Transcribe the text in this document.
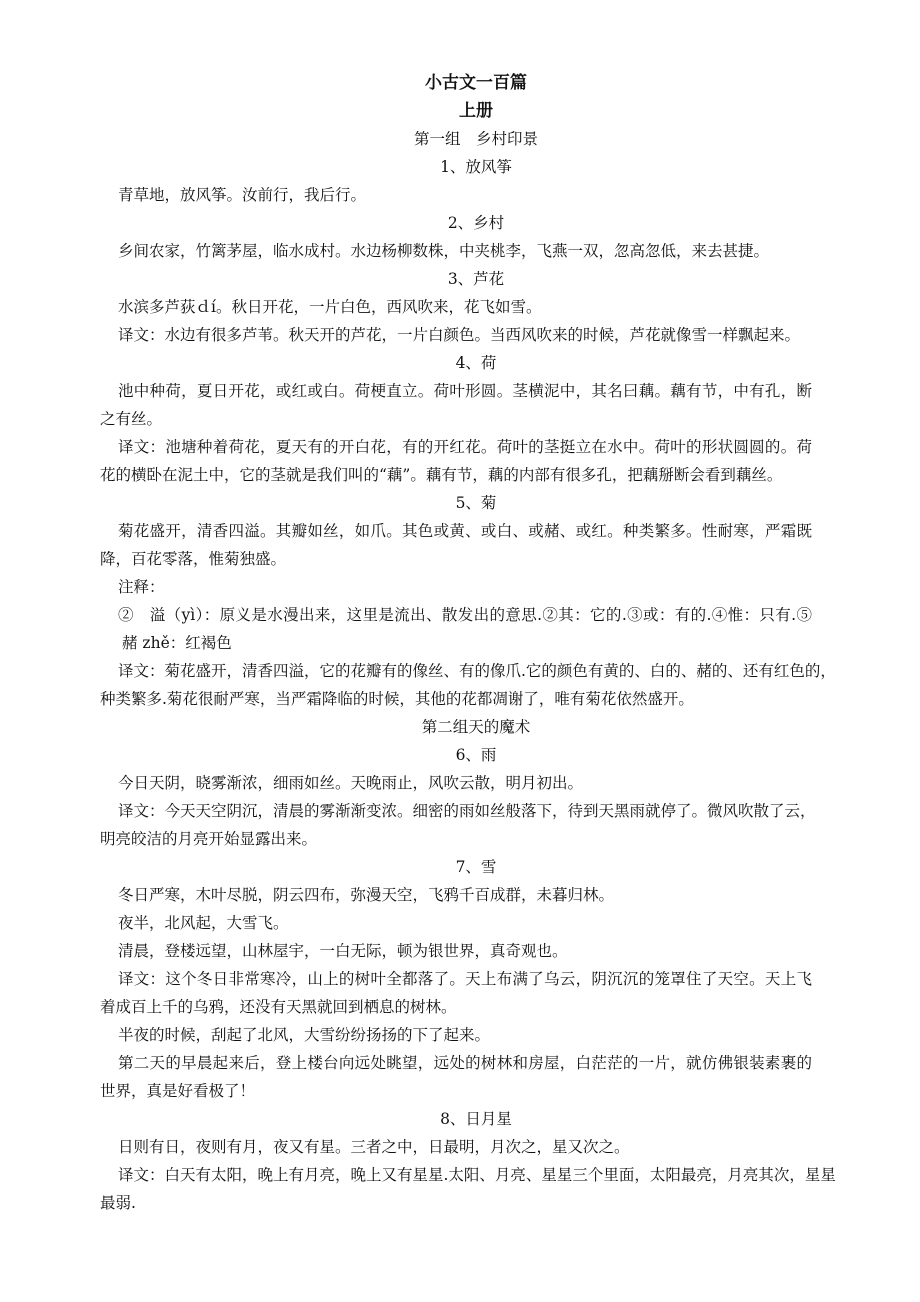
小古文一百篇
上册
第一组　乡村印景
1、放风筝
青草地，放风筝。汝前行，我后行。
2、乡村
乡间农家，竹篱茅屋，临水成村。水边杨柳数株，中夹桃李，飞燕一双，忽高忽低，来去甚捷。
3、芦花
水滨多芦荻ｄí。秋日开花，一片白色，西风吹来，花飞如雪。
译文：水边有很多芦苇。秋天开的芦花，一片白颜色。当西风吹来的时候，芦花就像雪一样飘起来。
4、荷
池中种荷，夏日开花，或红或白。荷梗直立。荷叶形圆。茎横泥中，其名曰藕。藕有节，中有孔，断
之有丝。
译文：池塘种着荷花，夏天有的开白花，有的开红花。荷叶的茎挺立在水中。荷叶的形状圆圆的。荷
花的横卧在泥土中，它的茎就是我们叫的“藕”。藕有节，藕的内部有很多孔，把藕掰断会看到藕丝。
5、菊
菊花盛开，清香四溢。其瓣如丝，如爪。其色或黄、或白、或赭、或红。种类繁多。性耐寒，严霜既
降，百花零落，惟菊独盛。
注释：
②　溢（yì）：原义是水漫出来，这里是流出、散发出的意思.②其：它的.③或：有的.④惟：只有.⑤
赭 zhě：红褐色
译文：菊花盛开，清香四溢，它的花瓣有的像丝、有的像爪.它的颜色有黄的、白的、赭的、还有红色的，
种类繁多.菊花很耐严寒，当严霜降临的时候，其他的花都凋谢了，唯有菊花依然盛开。
第二组天的魔术
6、雨
今日天阴，晓雾渐浓，细雨如丝。天晚雨止，风吹云散，明月初出。
译文：今天天空阴沉，清晨的雾渐渐变浓。细密的雨如丝般落下，待到天黑雨就停了。微风吹散了云，
明亮皎洁的月亮开始显露出来。
7、雪
冬日严寒，木叶尽脱，阴云四布，弥漫天空，飞鸦千百成群，未暮归林。
夜半，北风起，大雪飞。
清晨，登楼远望，山林屋宇，一白无际，顿为银世界，真奇观也。
译文：这个冬日非常寒冷，山上的树叶全都落了。天上布满了乌云，阴沉沉的笼罩住了天空。天上飞
着成百上千的乌鸦，还没有天黑就回到栖息的树林。
半夜的时候，刮起了北风，大雪纷纷扬扬的下了起来。
第二天的早晨起来后，登上楼台向远处眺望，远处的树林和房屋，白茫茫的一片，就仿佛银装素裹的
世界，真是好看极了！
8、日月星
日则有日，夜则有月，夜又有星。三者之中，日最明，月次之，星又次之。
译文：白天有太阳，晚上有月亮，晚上又有星星.太阳、月亮、星星三个里面，太阳最亮，月亮其次，星星
最弱.
